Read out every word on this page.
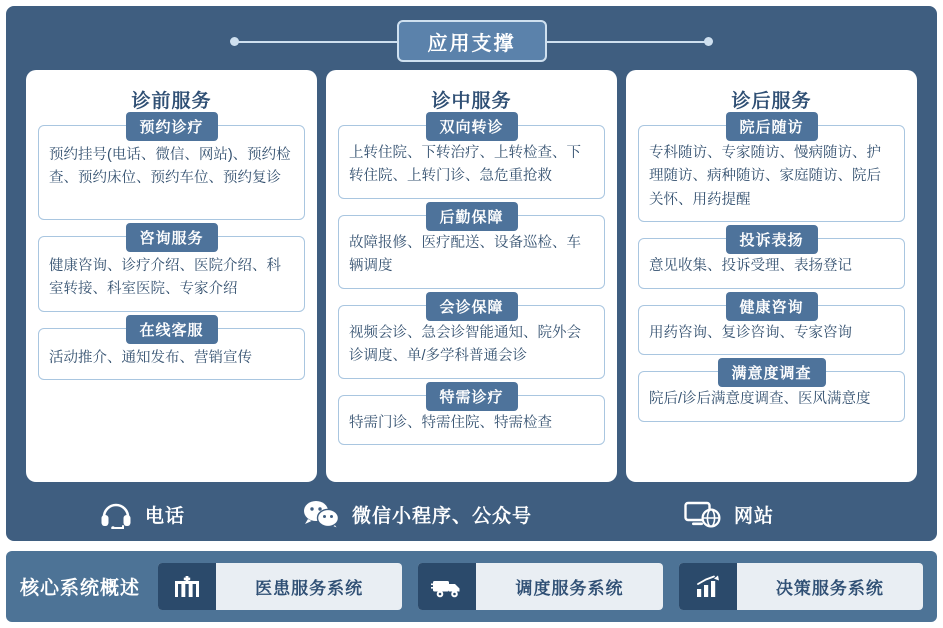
应用支撑
诊前服务
预约诊疗
预约挂号(电话、微信、网站)、预约检查、预约床位、预约车位、预约复诊
咨询服务
健康咨询、诊疗介绍、医院介绍、科室转接、科室医院、专家介绍
在线客服
活动推介、通知发布、营销宣传
诊中服务
双向转诊
上转住院、下转治疗、上转检查、下转住院、上转门诊、急危重抢救
后勤保障
故障报修、医疗配送、设备巡检、车辆调度
会诊保障
视频会诊、急会诊智能通知、院外会诊调度、单/多学科普通会诊
特需诊疗
特需门诊、特需住院、特需检查
诊后服务
院后随访
专科随访、专家随访、慢病随访、护理随访、病种随访、家庭随访、院后关怀、用药提醒
投诉表扬
意见收集、投诉受理、表扬登记
健康咨询
用药咨询、复诊咨询、专家咨询
满意度调查
院后/诊后满意度调查、医风满意度
电话	微信小程序、公众号	网站
核心系统概述	医患服务系统	调度服务系统	决策服务系统
